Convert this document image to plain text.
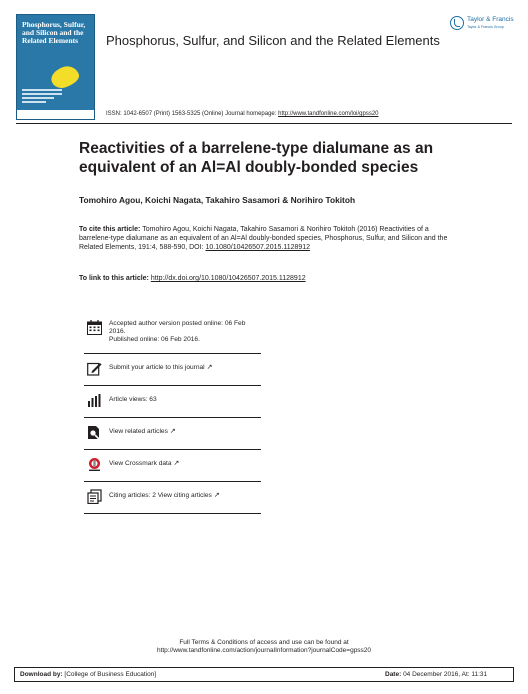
Phosphorus, Sulfur, and Silicon and the Related Elements	Phosphorus, Sulfur, and Silicon and the Related Elements
Taylor & Francis
Taylor & Francis Group
ISSN: 1042-6507 (Print) 1563-5325 (Online) Journal homepage: http://www.tandfonline.com/loi/gpss20
Reactivities of a barrelene-type dialumane as an equivalent of an Al=Al doubly-bonded species
Tomohiro Agou, Koichi Nagata, Takahiro Sasamori & Norihiro Tokitoh
To cite this article: Tomohiro Agou, Koichi Nagata, Takahiro Sasamori & Norihiro Tokitoh (2016) Reactivities of a barrelene-type dialumane as an equivalent of an Al=Al doubly-bonded species, Phosphorus, Sulfur, and Silicon and the Related Elements, 191:4, 588-590, DOI: 10.1080/10426507.2015.1128912
To link to this article: http://dx.doi.org/10.1080/10426507.2015.1128912
Accepted author version posted online: 06 Feb 2016.
Published online: 06 Feb 2016.
Submit your article to this journal ↗
Article views: 63
View related articles ↗
View Crossmark data ↗
Citing articles: 2 View citing articles ↗
Full Terms & Conditions of access and use can be found at
http://www.tandfonline.com/action/journalInformation?journalCode=gpss20
Download by: [College of Business Education]	Date: 04 December 2016, At: 11:31
